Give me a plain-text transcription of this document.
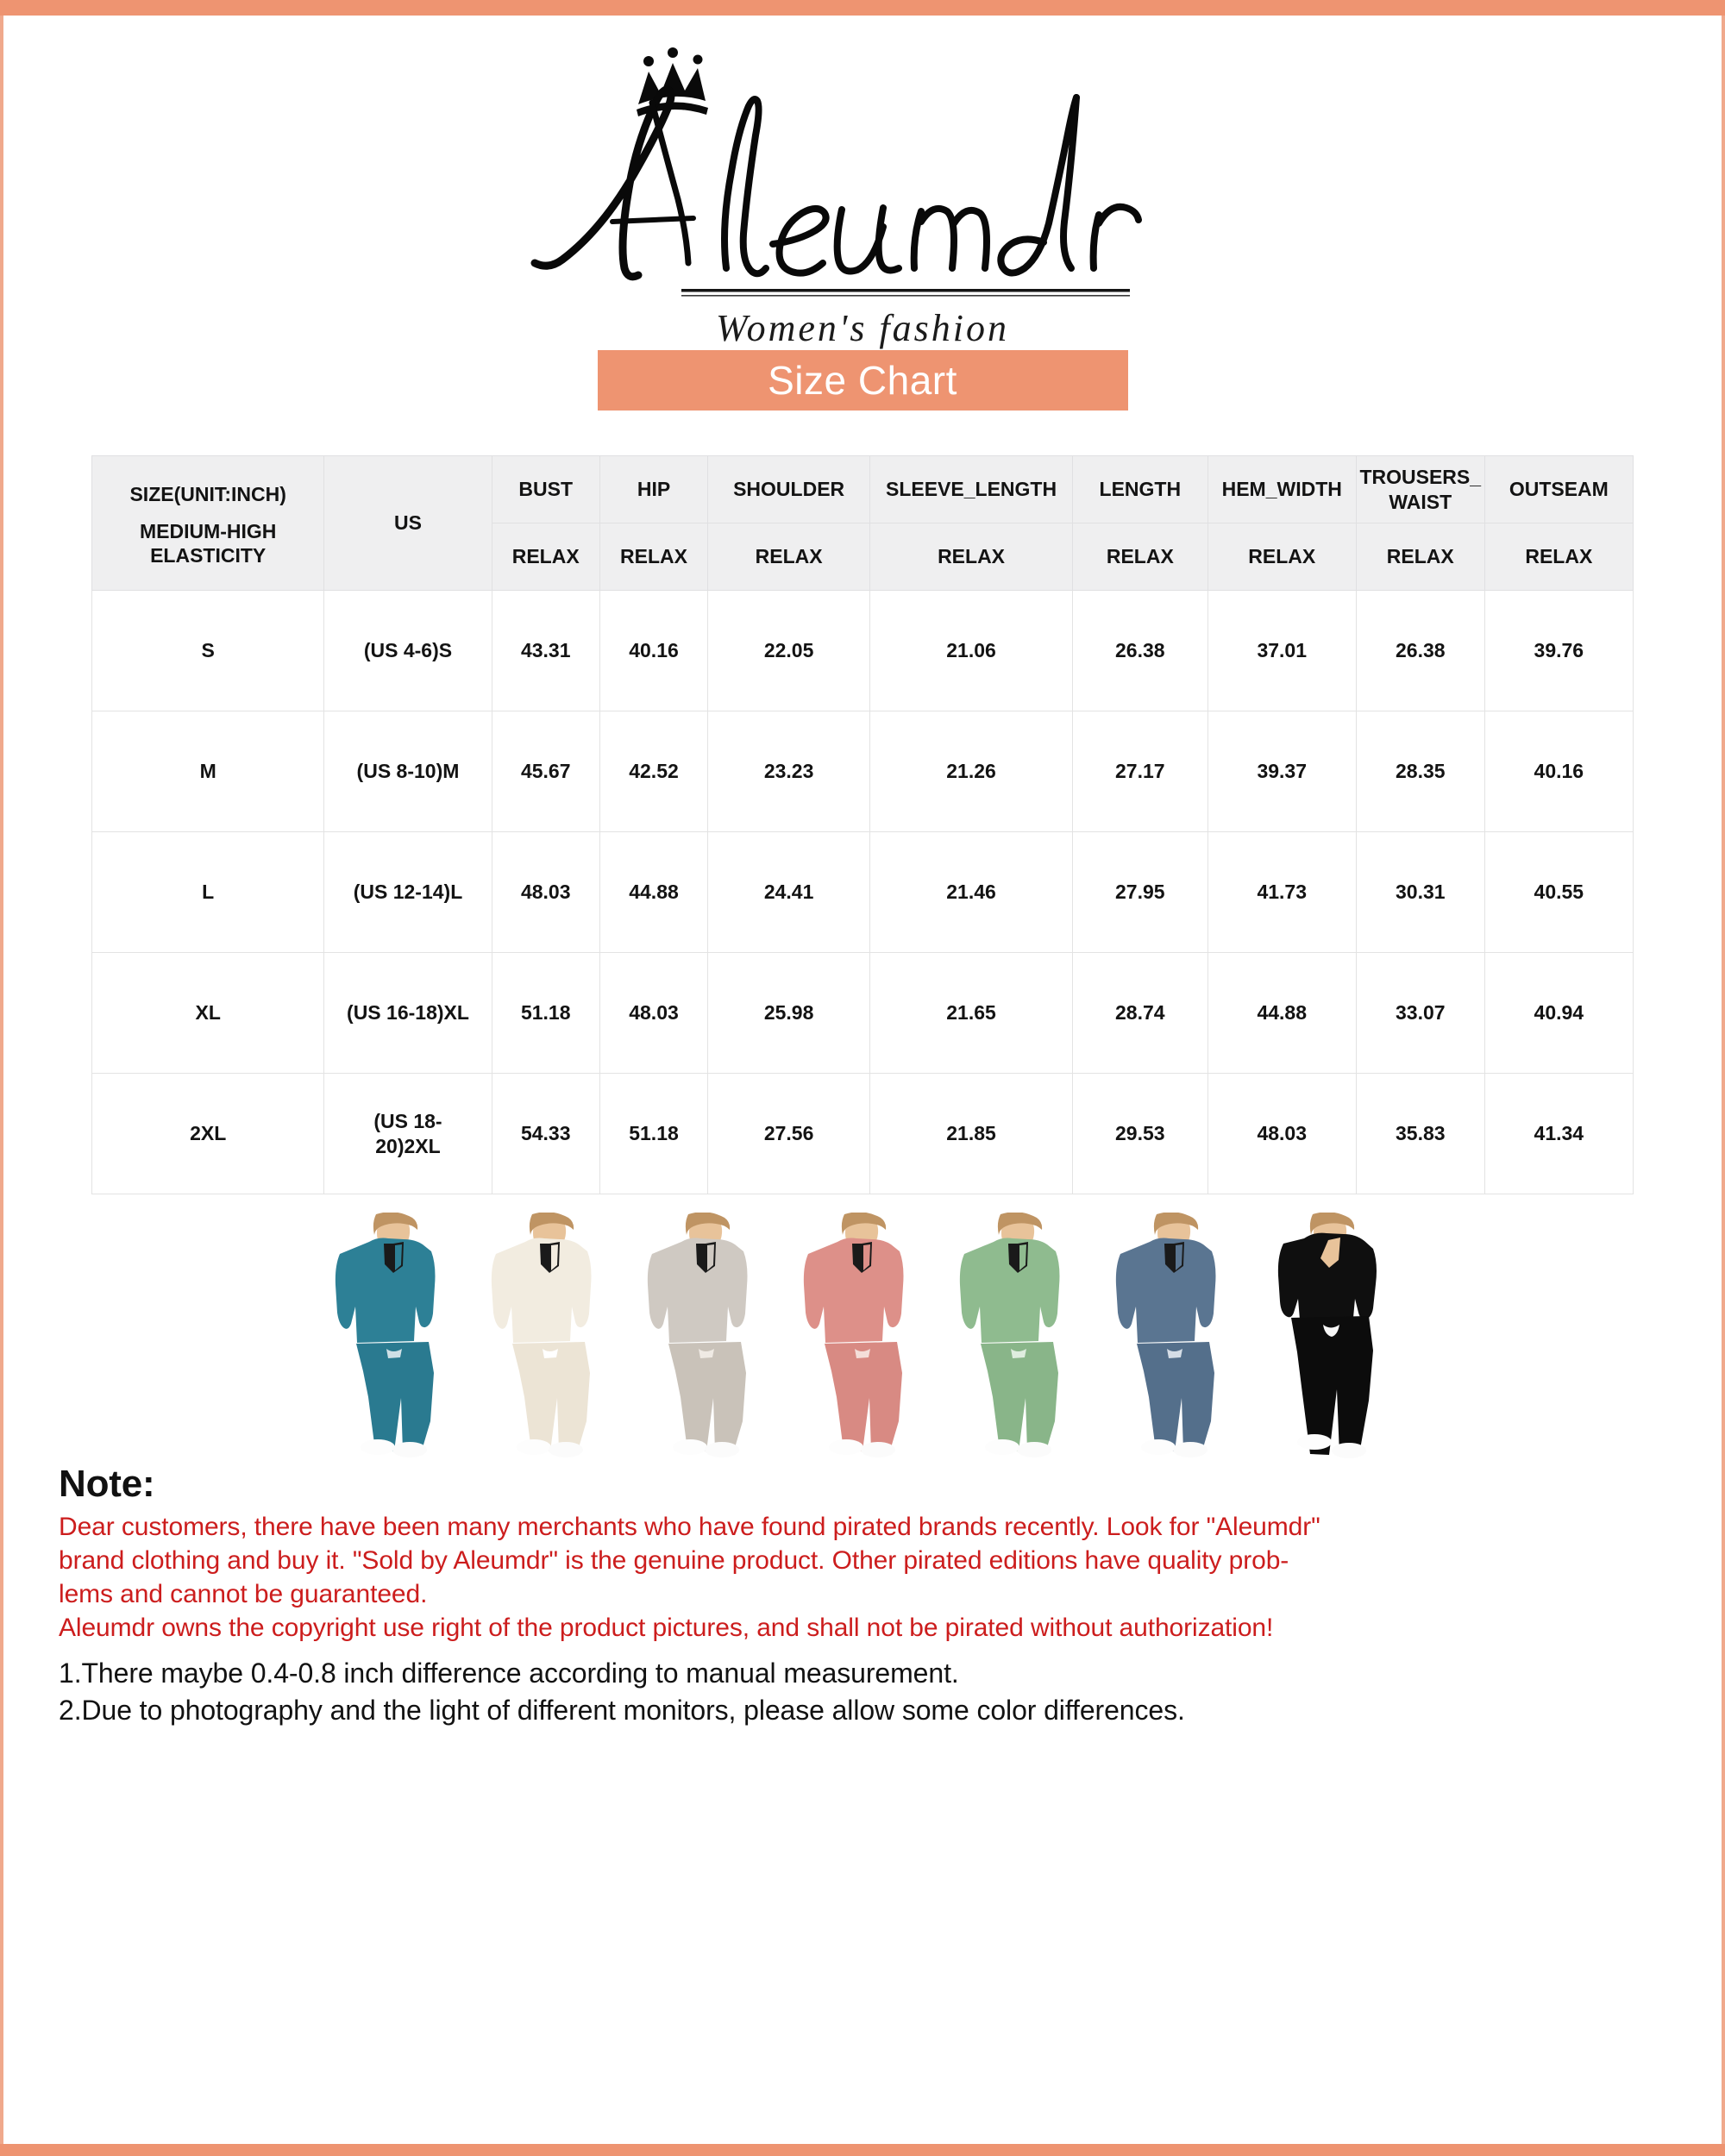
Women's fashion
Size Chart
SIZE(UNIT:INCH)
MEDIUM-HIGH ELASTICITY	US	BUST	HIP	SHOULDER	SLEEVE_LENGTH	LENGTH	HEM_WIDTH	TROUSERS_
WAIST	OUTSEAM
		RELAX	RELAX	RELAX	RELAX	RELAX	RELAX	RELAX	RELAX
S	(US 4-6)S	43.31	40.16	22.05	21.06	26.38	37.01	26.38	39.76
M	(US 8-10)M	45.67	42.52	23.23	21.26	27.17	39.37	28.35	40.16
L	(US 12-14)L	48.03	44.88	24.41	21.46	27.95	41.73	30.31	40.55
XL	(US 16-18)XL	51.18	48.03	25.98	21.65	28.74	44.88	33.07	40.94
2XL	(US 18-
20)2XL	54.33	51.18	27.56	21.85	29.53	48.03	35.83	41.34
Note:

Dear customers, there have been many merchants who have found pirated brands recently. Look for "Aleumdr"

brand clothing and buy it. "Sold by Aleumdr" is the genuine product. Other pirated editions have quality prob-

lems and cannot be guaranteed.

Aleumdr owns the copyright use right of the product pictures, and shall not be pirated without authorization!

1.There maybe 0.4-0.8 inch difference according to manual measurement.

2.Due to photography and the light of different monitors, please allow some color differences.
